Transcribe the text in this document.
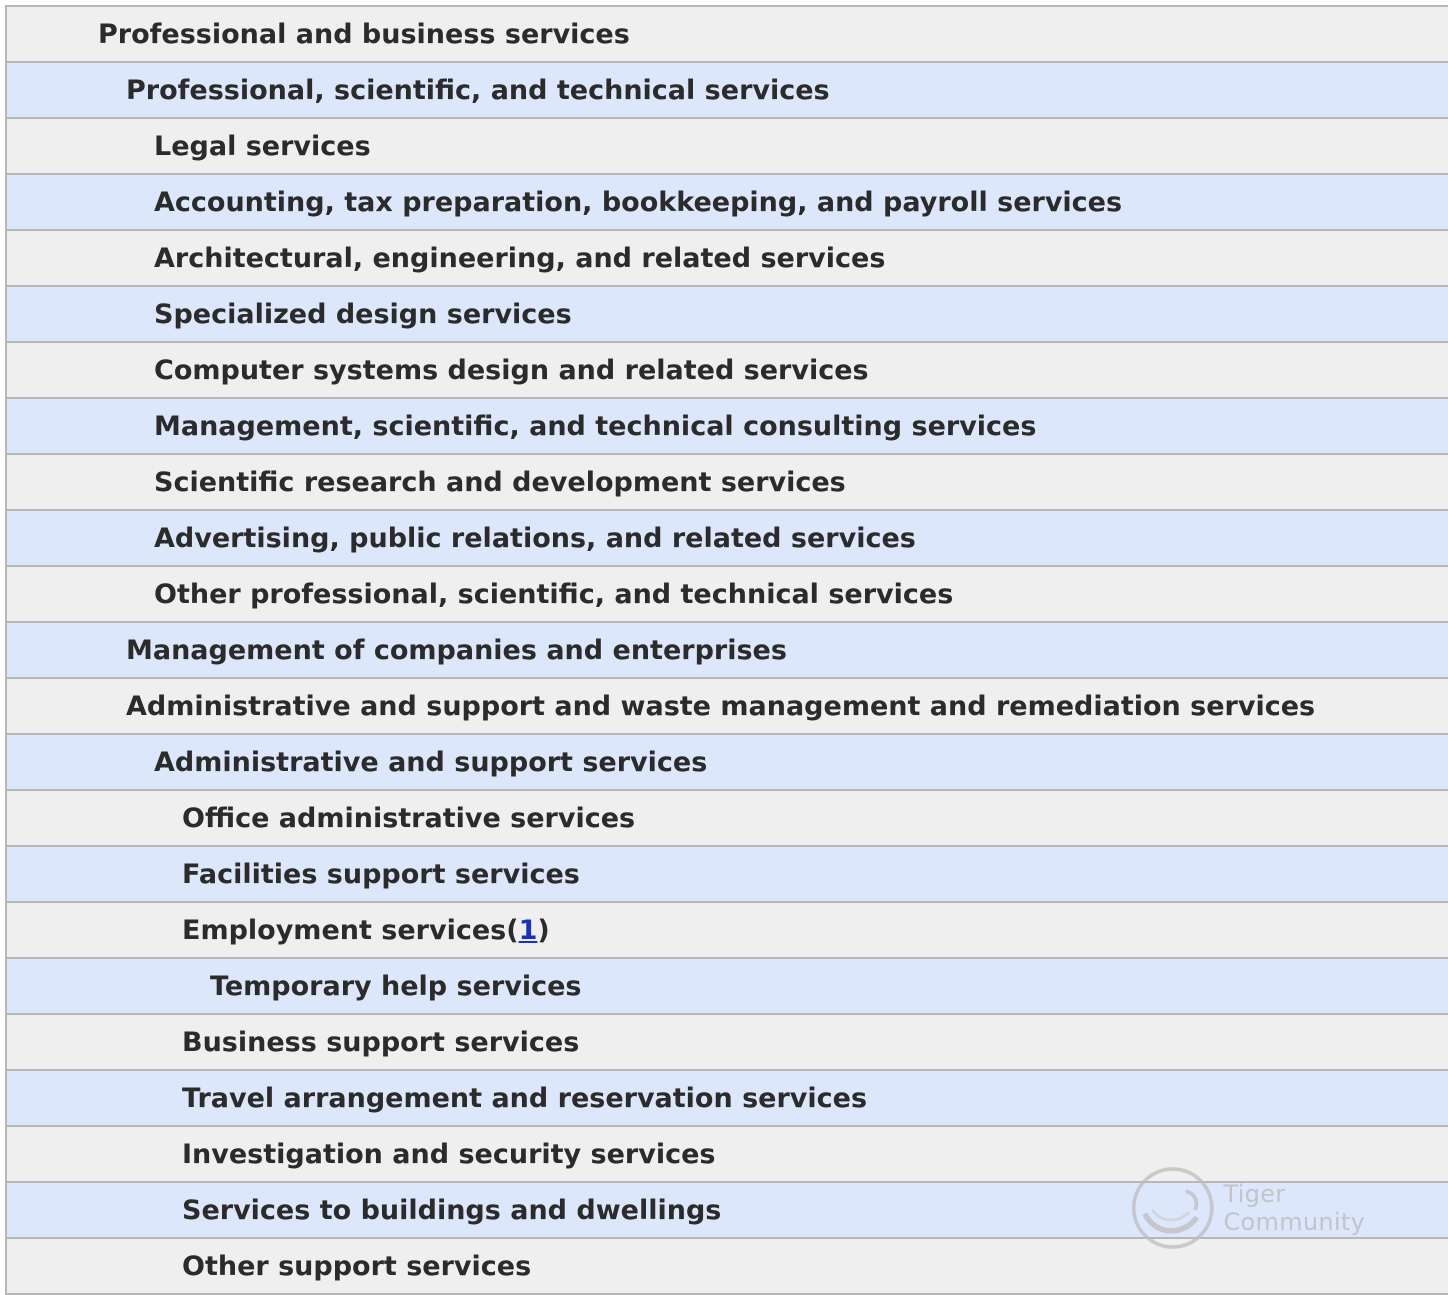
Professional and business services
Professional, scientific, and technical services
Legal services
Accounting, tax preparation, bookkeeping, and payroll services
Architectural, engineering, and related services
Specialized design services
Computer systems design and related services
Management, scientific, and technical consulting services
Scientific research and development services
Advertising, public relations, and related services
Other professional, scientific, and technical services
Management of companies and enterprises
Administrative and support and waste management and remediation services
Administrative and support services
Office administrative services
Facilities support services
Employment services(1)
Temporary help services
Business support services
Travel arrangement and reservation services
Investigation and security services
Services to buildings and dwellings
Other support services
Tiger Community
